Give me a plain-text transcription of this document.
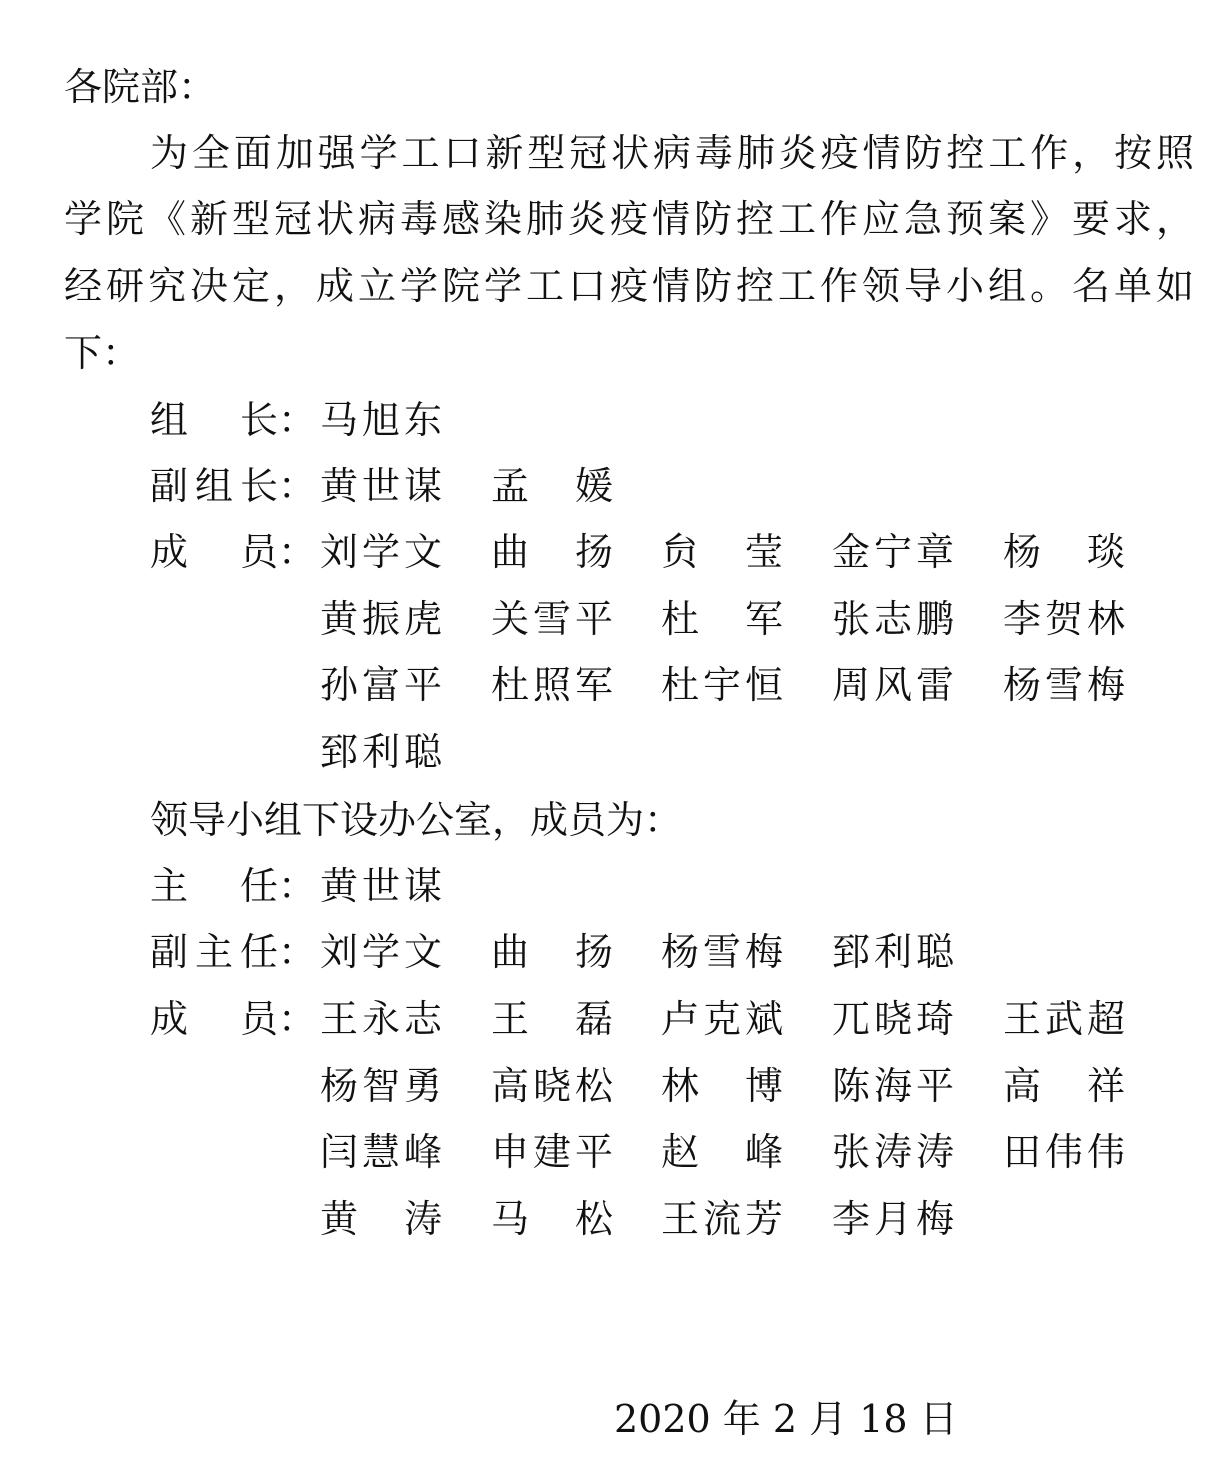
各院部：
为全面加强学工口新型冠状病毒肺炎疫情防控工作，按照
学院《新型冠状病毒感染肺炎疫情防控工作应急预案》要求，
经研究决定，成立学院学工口疫情防控工作领导小组。名单如
下：
组长： 马旭东
副组长： 黄世谋 孟媛
成员： 刘学文 曲扬 贠莹 金宁章 杨琰
黄振虎 关雪平 杜军 张志鹏 李贺林
孙富平 杜照军 杜宇恒 周风雷 杨雪梅
郅利聪
领导小组下设办公室，成员为：
主任： 黄世谋
副主任： 刘学文 曲扬 杨雪梅 郅利聪
成员： 王永志 王磊 卢克斌 兀晓琦 王武超
杨智勇 高晓松 林博 陈海平 高祥
闫慧峰 申建平 赵峰 张涛涛 田伟伟
黄涛 马松 王流芳 李月梅
2020 年 2 月 18 日
